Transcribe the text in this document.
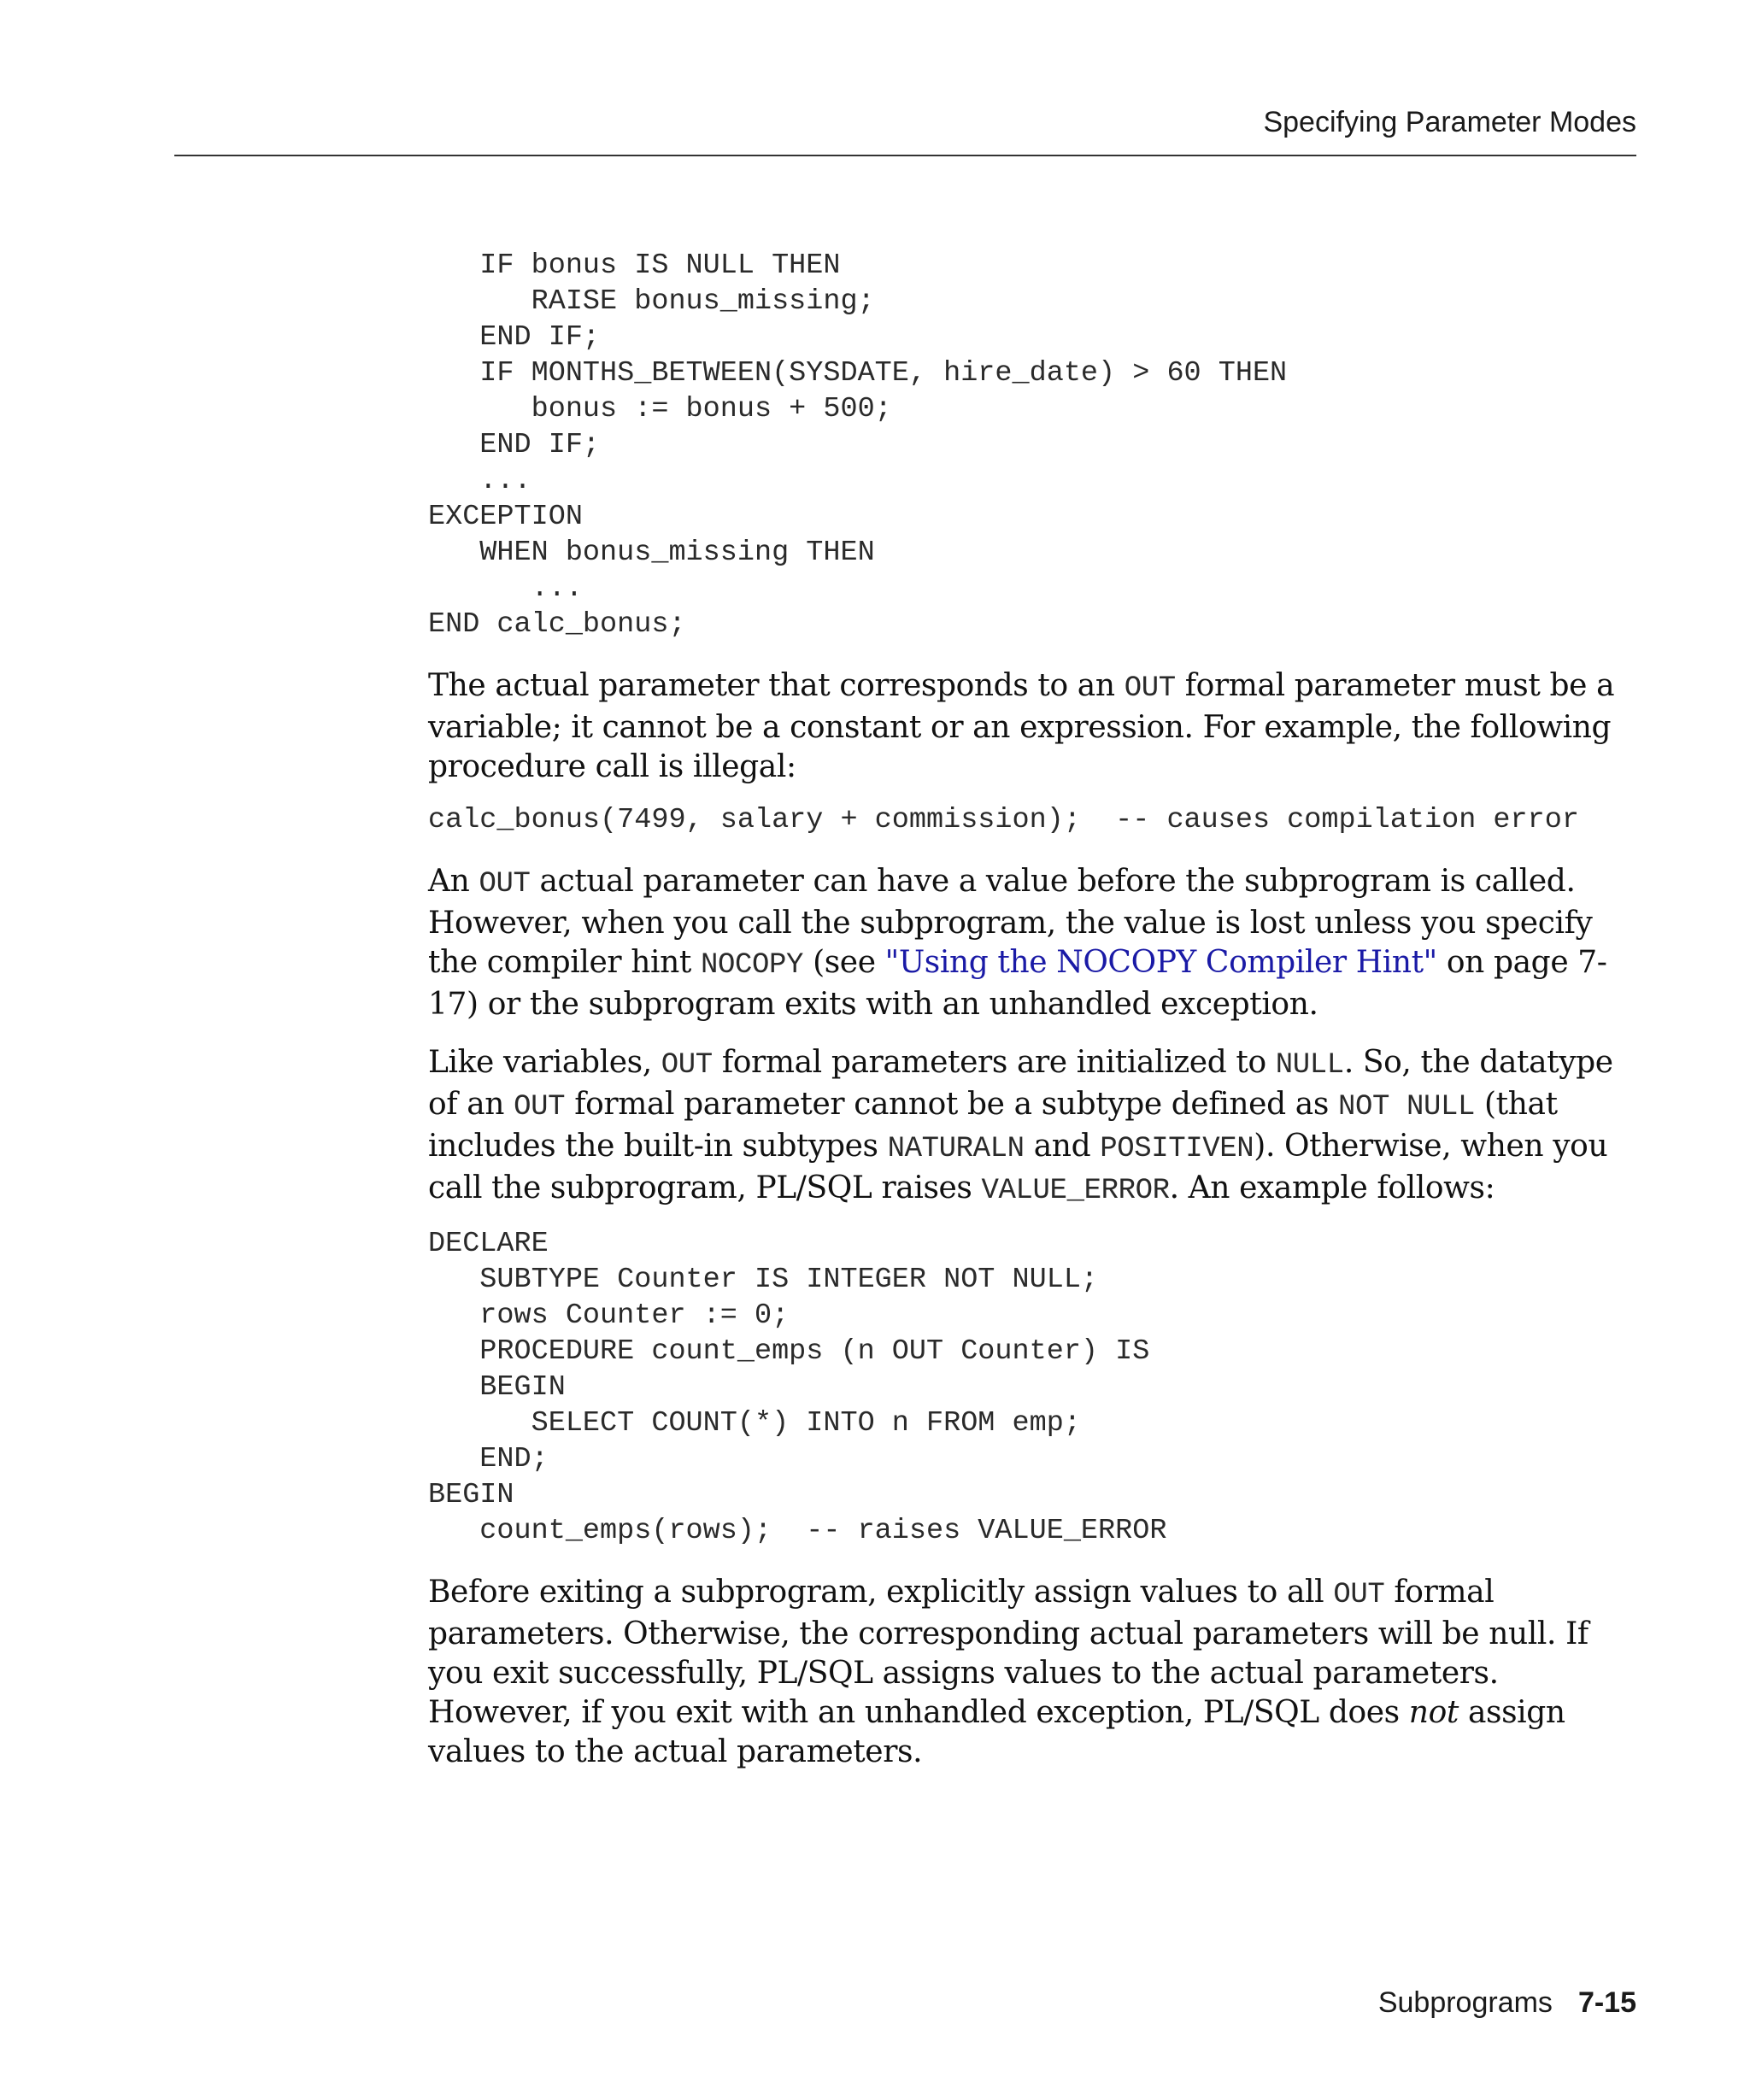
Specifying Parameter Modes
IF bonus IS NULL THEN
RAISE bonus_missing;
END IF;
IF MONTHS_BETWEEN(SYSDATE, hire_date) > 60 THEN
bonus := bonus + 500;
END IF;
...
EXCEPTION
WHEN bonus_missing THEN
...
END calc_bonus;

The actual parameter that corresponds to an OUT formal parameter must be a variable; it cannot be a constant or an expression. For example, the following procedure call is illegal:

calc_bonus(7499, salary + commission);  -- causes compilation error

An OUT actual parameter can have a value before the subprogram is called. However, when you call the subprogram, the value is lost unless you specify the compiler hint NOCOPY (see "Using the NOCOPY Compiler Hint" on page 7-17) or the subprogram exits with an unhandled exception.

Like variables, OUT formal parameters are initialized to NULL. So, the datatype of an OUT formal parameter cannot be a subtype defined as NOT NULL (that includes the built-in subtypes NATURALN and POSITIVEN). Otherwise, when you call the subprogram, PL/SQL raises VALUE_ERROR. An example follows:

DECLARE
SUBTYPE Counter IS INTEGER NOT NULL;
rows Counter := 0;
PROCEDURE count_emps (n OUT Counter) IS
BEGIN
SELECT COUNT(*) INTO n FROM emp;
END;
BEGIN
count_emps(rows);  -- raises VALUE_ERROR

Before exiting a subprogram, explicitly assign values to all OUT formal parameters. Otherwise, the corresponding actual parameters will be null. If you exit successfully, PL/SQL assigns values to the actual parameters. However, if you exit with an unhandled exception, PL/SQL does not assign values to the actual parameters.

Subprograms 7-15
